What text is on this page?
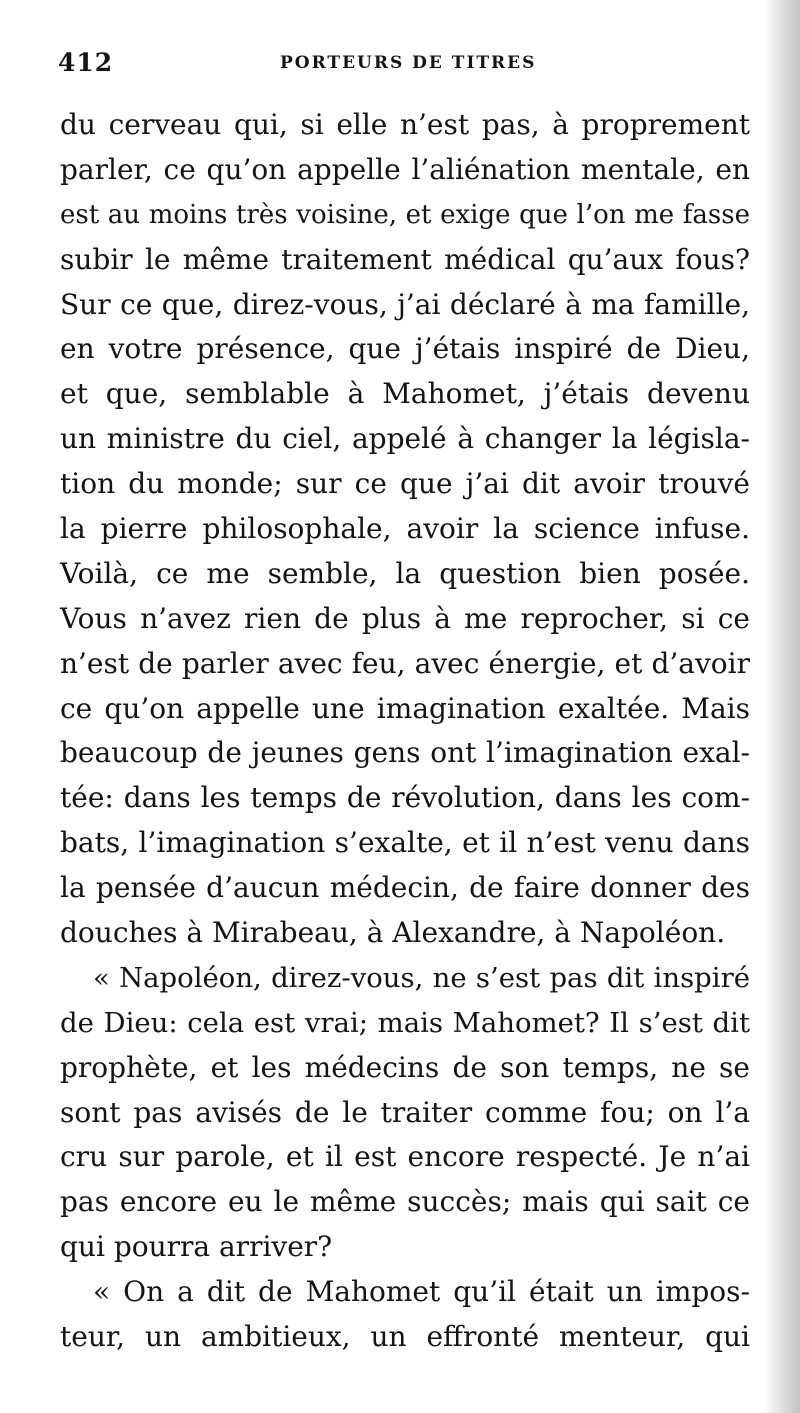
412	PORTEURS DE TITRES
du cerveau qui, si elle n’est pas, à proprement
parler, ce qu’on appelle l’aliénation mentale, en
est au moins très voisine, et exige que l’on me fasse
subir le même traitement médical qu’aux fous?
Sur ce que, direz-vous, j’ai déclaré à ma famille,
en votre présence, que j’étais inspiré de Dieu,
et que, semblable à Mahomet, j’étais devenu
un ministre du ciel, appelé à changer la législa-
tion du monde; sur ce que j’ai dit avoir trouvé
la pierre philosophale, avoir la science infuse.
Voilà, ce me semble, la question bien posée.
Vous n’avez rien de plus à me reprocher, si ce
n’est de parler avec feu, avec énergie, et d’avoir
ce qu’on appelle une imagination exaltée. Mais
beaucoup de jeunes gens ont l’imagination exal-
tée: dans les temps de révolution, dans les com-
bats, l’imagination s’exalte, et il n’est venu dans
la pensée d’aucun médecin, de faire donner des
douches à Mirabeau, à Alexandre, à Napoléon.
« Napoléon, direz-vous, ne s’est pas dit inspiré
de Dieu: cela est vrai; mais Mahomet? Il s’est dit
prophète, et les médecins de son temps, ne se
sont pas avisés de le traiter comme fou; on l’a
cru sur parole, et il est encore respecté. Je n’ai
pas encore eu le même succès; mais qui sait ce
qui pourra arriver?
« On a dit de Mahomet qu’il était un impos-
teur, un ambitieux, un effronté menteur, qui
